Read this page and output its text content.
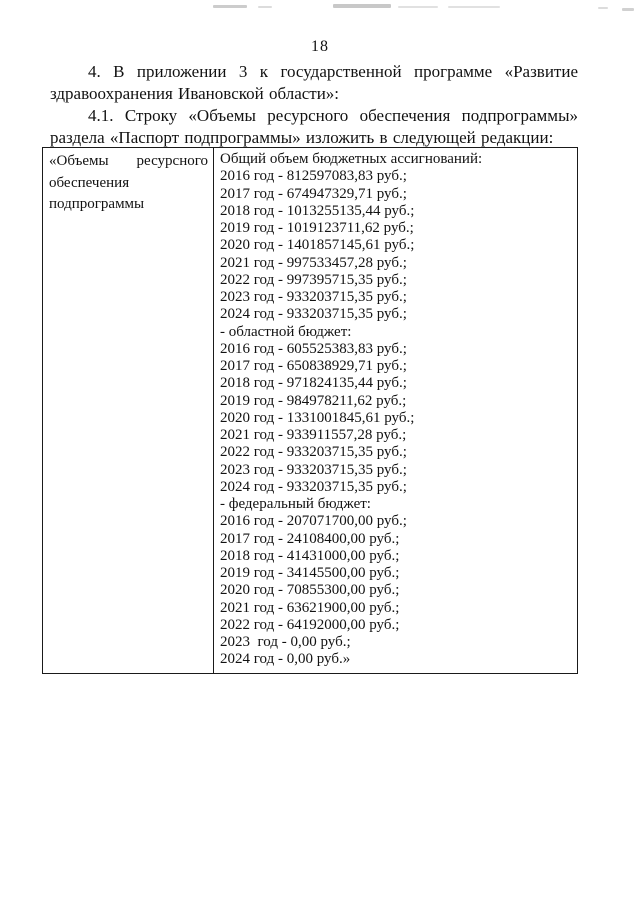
18

4. В приложении 3 к государственной программе «Развитие здравоохранения Ивановской области»:

4.1. Строку «Объемы ресурсного обеспечения подпрограммы» раздела «Паспорт подпрограммы» изложить в следующей редакции:

«Объемы ресурсного обеспечения подпрограммы
Общий объем бюджетных ассигнований:
2016 год - 812597083,83 руб.;
2017 год - 674947329,71 руб.;
2018 год - 1013255135,44 руб.;
2019 год - 1019123711,62 руб.;
2020 год - 1401857145,61 руб.;
2021 год - 997533457,28 руб.;
2022 год - 997395715,35 руб.;
2023 год - 933203715,35 руб.;
2024 год - 933203715,35 руб.;
- областной бюджет:
2016 год - 605525383,83 руб.;
2017 год - 650838929,71 руб.;
2018 год - 971824135,44 руб.;
2019 год - 984978211,62 руб.;
2020 год - 1331001845,61 руб.;
2021 год - 933911557,28 руб.;
2022 год - 933203715,35 руб.;
2023 год - 933203715,35 руб.;
2024 год - 933203715,35 руб.;
- федеральный бюджет:
2016 год - 207071700,00 руб.;
2017 год - 24108400,00 руб.;
2018 год - 41431000,00 руб.;
2019 год - 34145500,00 руб.;
2020 год - 70855300,00 руб.;
2021 год - 63621900,00 руб.;
2022 год - 64192000,00 руб.;
2023  год - 0,00 руб.;
2024 год - 0,00 руб.»
